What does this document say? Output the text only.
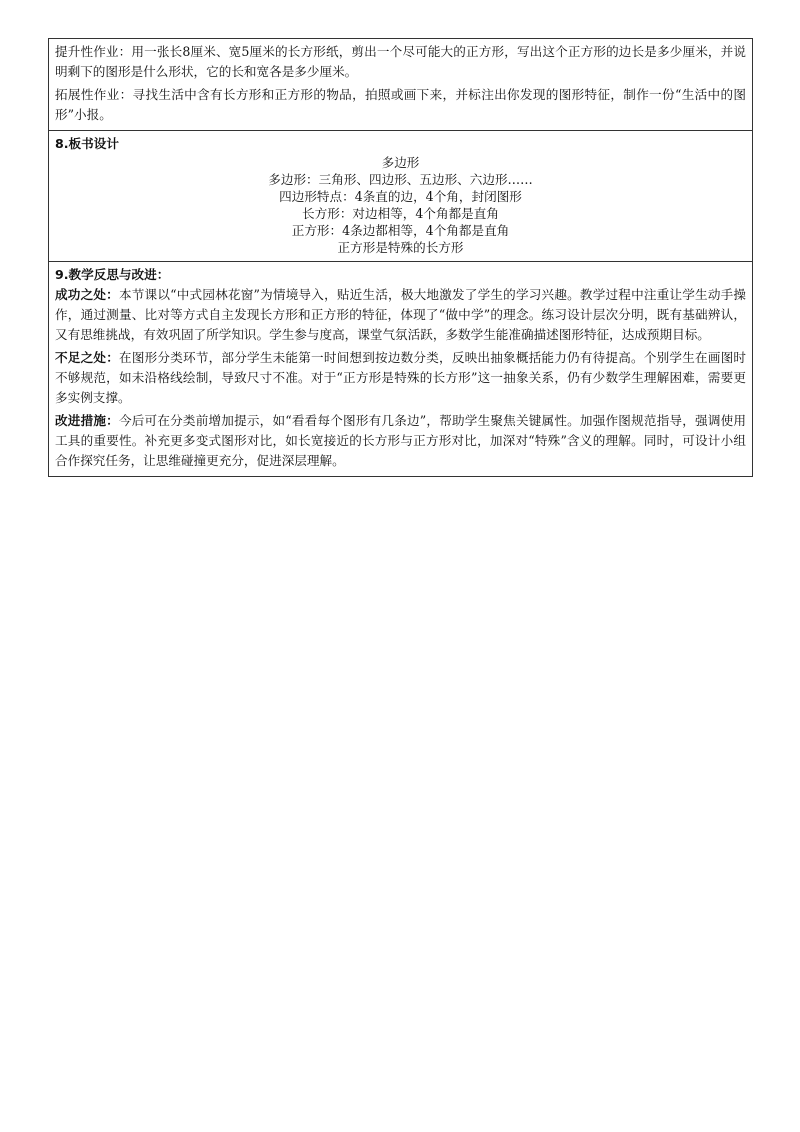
提升性作业：用一张长8厘米、宽5厘米的长方形纸，剪出一个尽可能大的正方形，写出这个正方形的边长是多少厘米，并说明剩下的图形是什么形状，它的长和宽各是多少厘米。

拓展性作业：寻找生活中含有长方形和正方形的物品，拍照或画下来，并标注出你发现的图形特征，制作一份“生活中的图形”小报。

8.板书设计

多边形
多边形：三角形、四边形、五边形、六边形……
四边形特点：4条直的边，4个角，封闭图形
长方形：对边相等，4个角都是直角
正方形：4条边都相等，4个角都是直角
正方形是特殊的长方形

9.教学反思与改进：

成功之处：本节课以“中式园林花窗”为情境导入，贴近生活，极大地激发了学生的学习兴趣。教学过程中注重让学生动手操作，通过测量、比对等方式自主发现长方形和正方形的特征，体现了“做中学”的理念。练习设计层次分明，既有基础辨认，又有思维挑战，有效巩固了所学知识。学生参与度高，课堂气氛活跃，多数学生能准确描述图形特征，达成预期目标。

不足之处：在图形分类环节，部分学生未能第一时间想到按边数分类，反映出抽象概括能力仍有待提高。个别学生在画图时不够规范，如未沿格线绘制，导致尺寸不准。对于“正方形是特殊的长方形”这一抽象关系，仍有少数学生理解困难，需要更多实例支撑。

改进措施：今后可在分类前增加提示，如“看看每个图形有几条边”，帮助学生聚焦关键属性。加强作图规范指导，强调使用工具的重要性。补充更多变式图形对比，如长宽接近的长方形与正方形对比，加深对“特殊”含义的理解。同时，可设计小组合作探究任务，让思维碰撞更充分，促进深层理解。
